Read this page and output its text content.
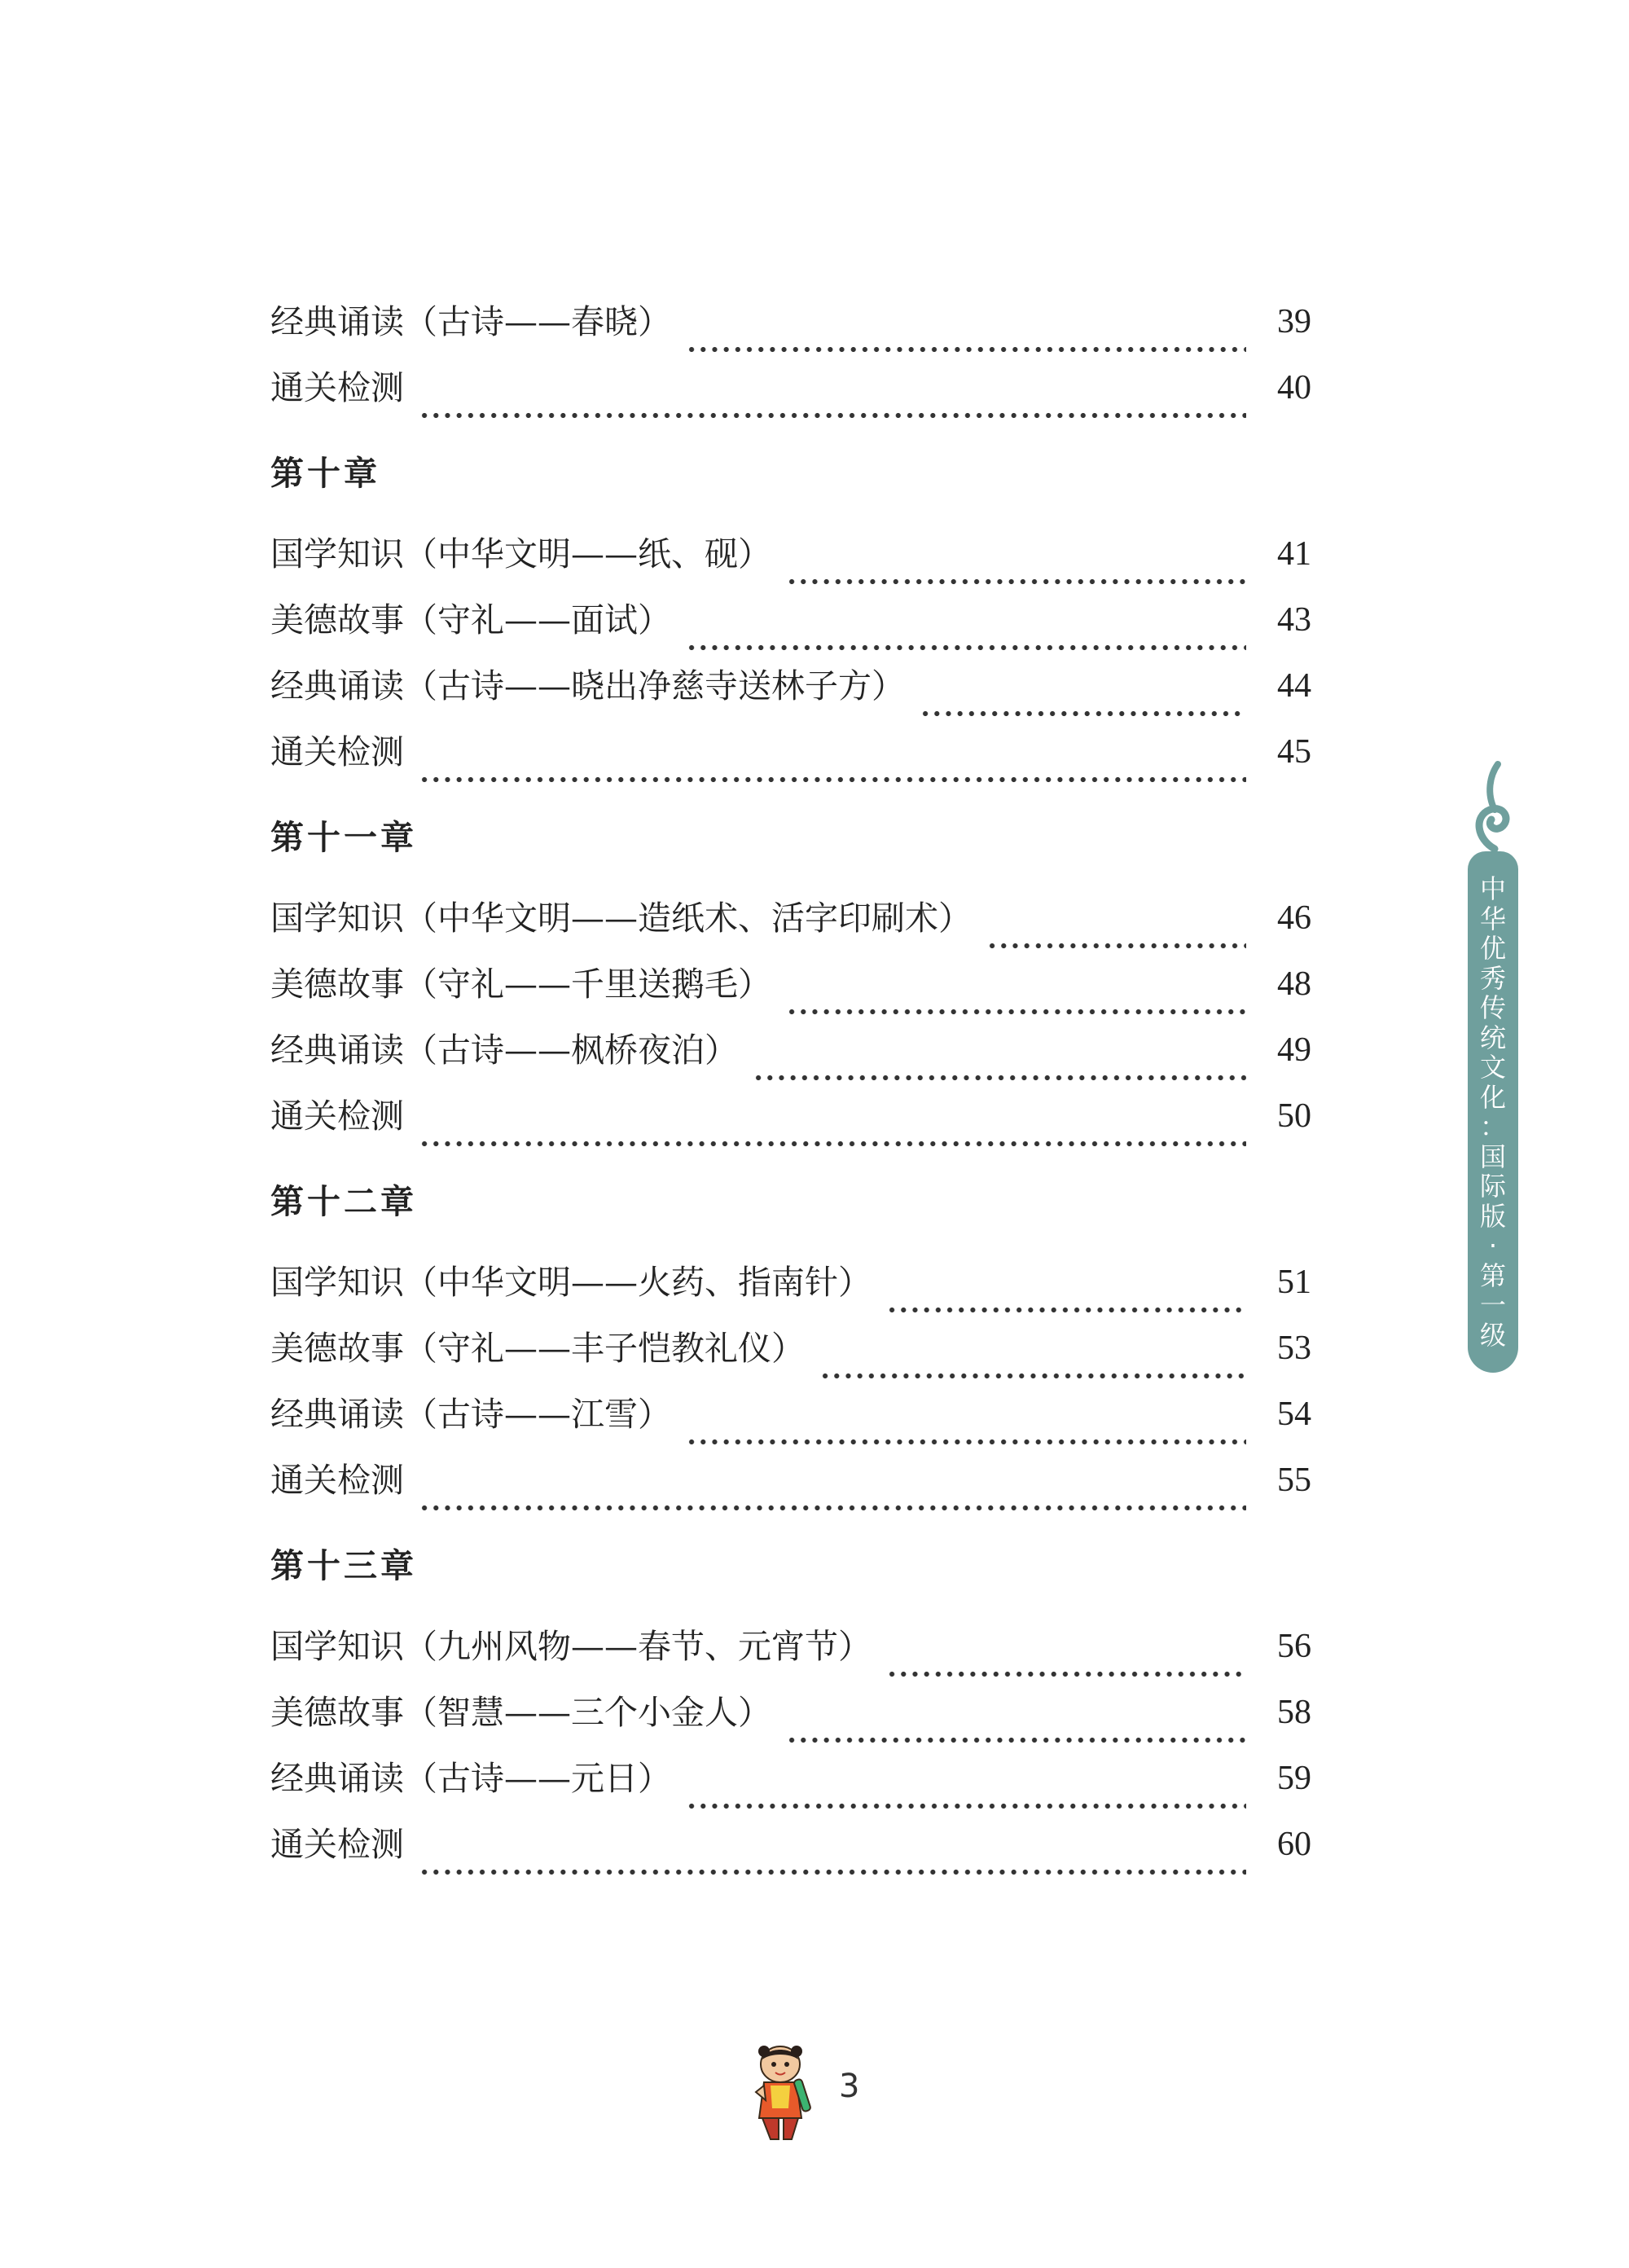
经典诵读（古诗——春晓）	39
通关检测	40
第十章
国学知识（中华文明——纸、砚）	41
美德故事（守礼——面试）	43
经典诵读（古诗——晓出净慈寺送林子方）	44
通关检测	45
第十一章
国学知识（中华文明——造纸术、活字印刷术）	46
美德故事（守礼——千里送鹅毛）	48
经典诵读（古诗——枫桥夜泊）	49
通关检测	50
第十二章
国学知识（中华文明——火药、指南针）	51
美德故事（守礼——丰子恺教礼仪）	53
经典诵读（古诗——江雪）	54
通关检测	55
第十三章
国学知识（九州风物——春节、元宵节）	56
美德故事（智慧——三个小金人）	58
经典诵读（古诗——元日）	59
通关检测	60
中
华
优
秀
传
统
文
化
：
国
际
版
·
第
一
级
3
